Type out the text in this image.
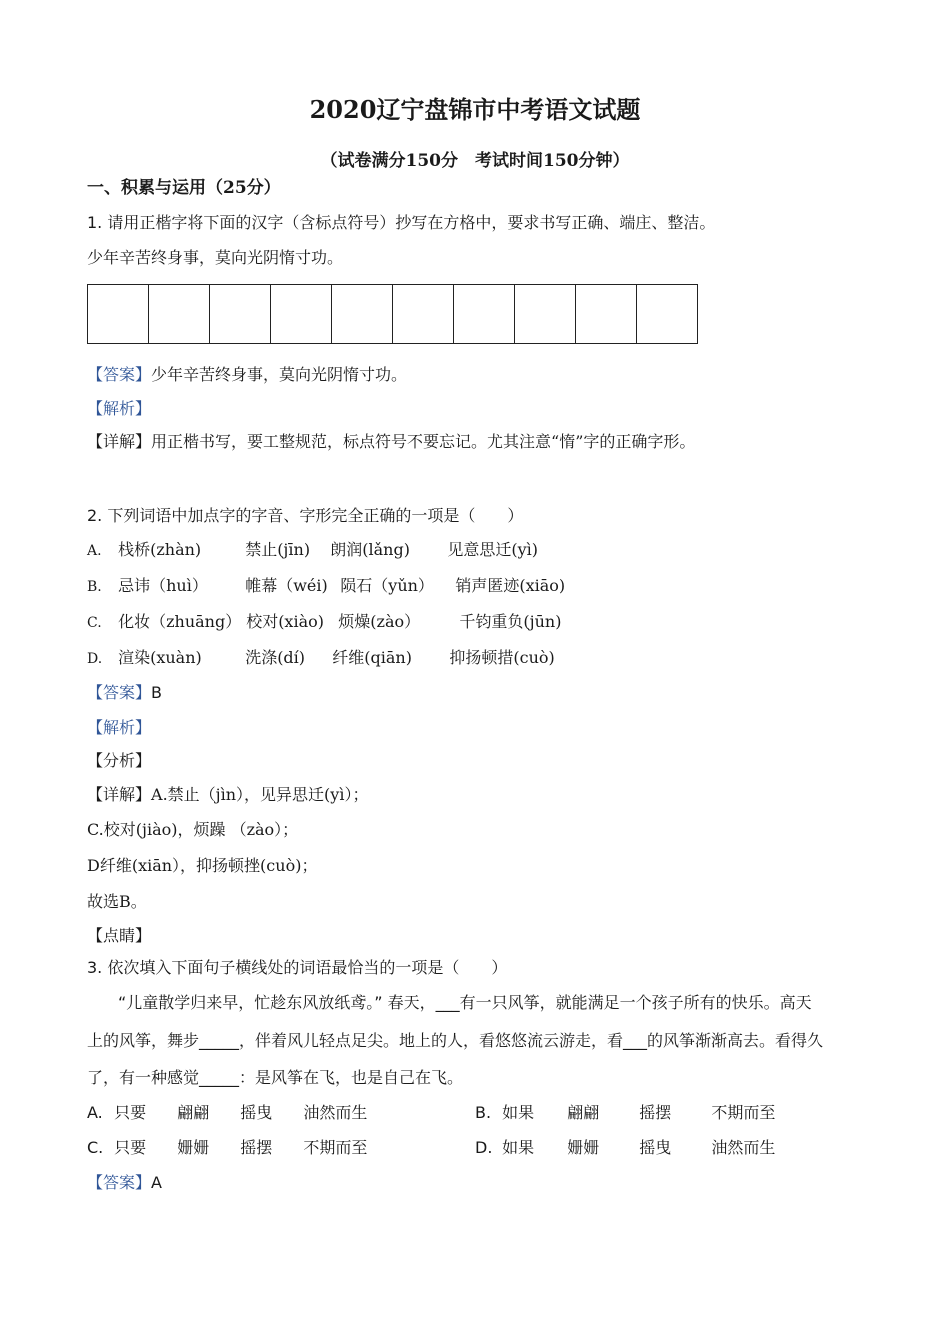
2020辽宁盘锦市中考语文试题
（试卷满分150分　考试时间150分钟）
一、积累与运用（25分）
1. 请用正楷字将下面的汉字（含标点符号）抄写在方格中，要求书写正确、端庄、整洁。
少年辛苦终身事，莫向光阴惰寸功。
【答案】少年辛苦终身事，莫向光阴惰寸功。
【解析】
【详解】用正楷书写，要工整规范，标点符号不要忘记。尤其注意“惰”字的正确字形。
2. 下列词语中加点字的字音、字形完全正确的一项是（　　）
A. 栈桥(zhàn)	禁止(jīn) 朗润(lǎng) 见意思迁(yì)
B. 忌讳（huì） 帷幕（wéi) 陨石（yǔn） 销声匿迹(xiāo)
C. 化妆（zhuāng） 校对(xiào) 烦燥(zào） 千钧重负(jūn)
D. 渲染(xuàn)	洗涤(dí) 纤维(qiān) 抑扬顿措(cuò)
【答案】B
【解析】
【分析】
【详解】A.禁止（jìn），见异思迁(yì）；
C.校对(jiào)，烦躁 （zào）；
D纤维(xiān），抑扬顿挫(cuò)；
故选B。
【点睛】
3. 依次填入下面句子横线处的词语最恰当的一项是（　　）
“儿童散学归来早，忙趁东风放纸鸢。” 春天，___有一只风筝，就能满足一个孩子所有的快乐。高天
上的风筝，舞步_____，伴着风儿轻点足尖。地上的人，看悠悠流云游走，看___的风筝渐渐高去。看得久
了，有一种感觉_____：是风筝在飞，也是自己在飞。
A. 只要 翩翩 摇曳 油然而生	B. 如果 翩翩	摇摆	不期而至
C. 只要 姗姗 摇摆 不期而至	D. 如果 姗姗	摇曳	油然而生
【答案】A
